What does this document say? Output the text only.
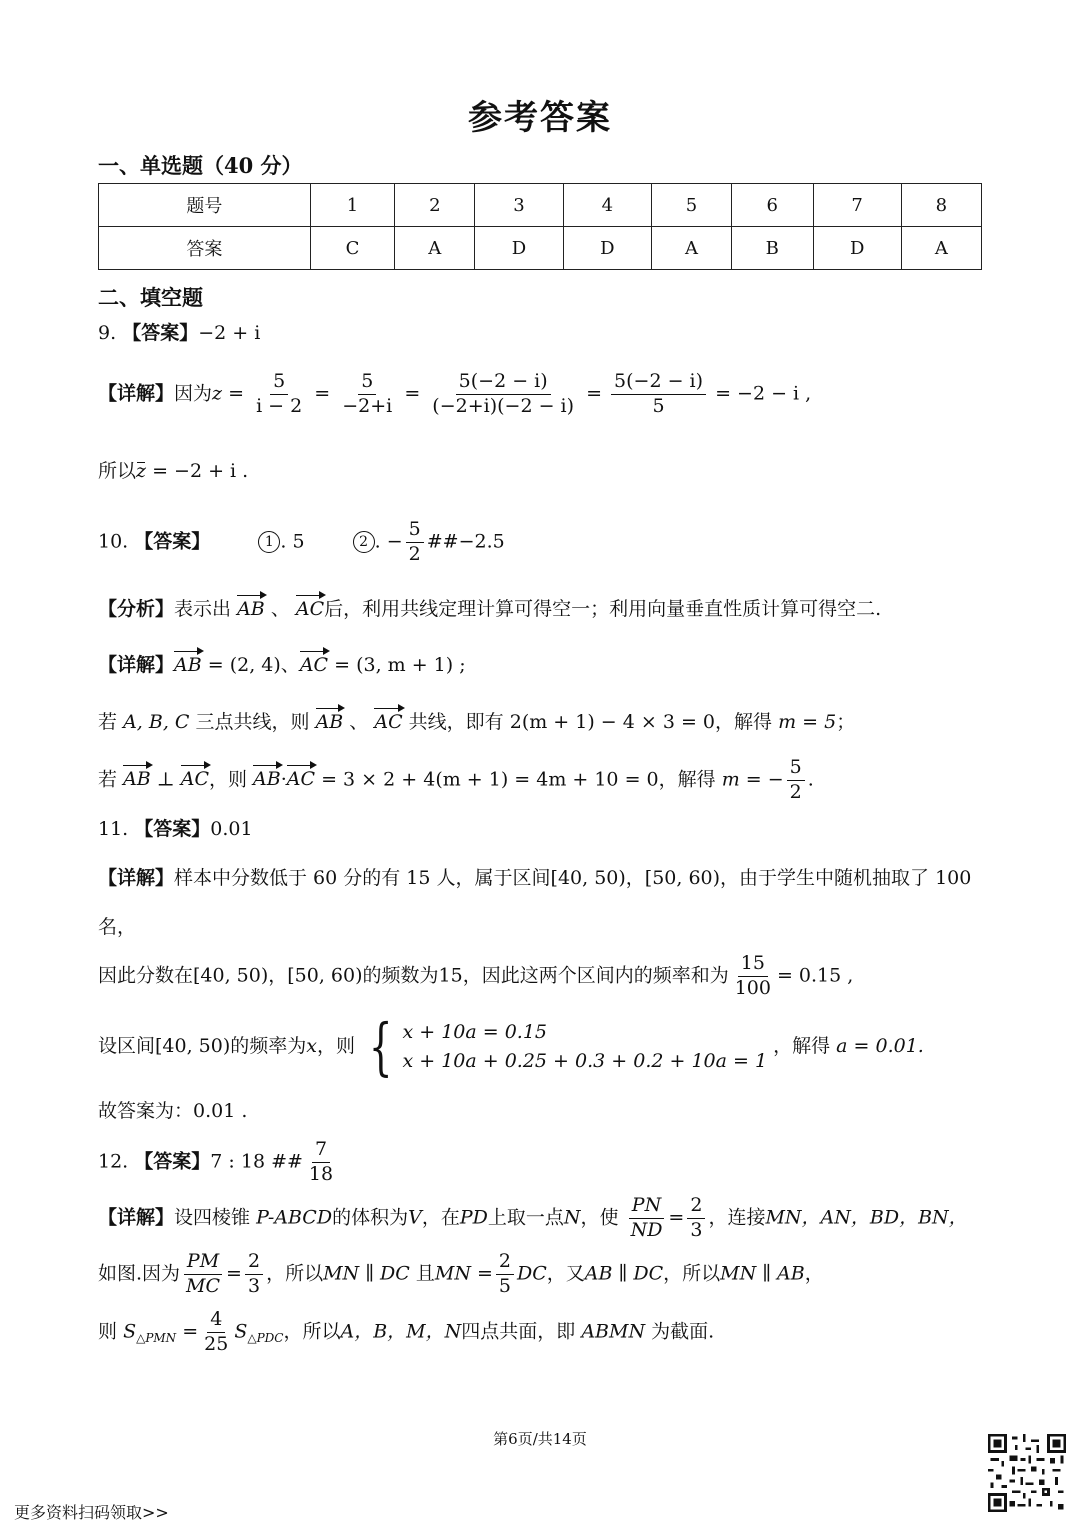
参考答案
一、单选题（40 分）
题号	1	2	3	4	5	6	7	8
答案	C	A	D	D	A	B	D	A
二、填空题
9. 【答案】−2 + i
【详解】因为$z = \frac{5}{i - 2} = \frac{5}{-2+i} = \frac{5(-2 - i)}{(-2+i)(-2 - i)} = \frac{5(-2 - i)}{5} = -2 - i$ ,
所以z = −2 + i .
10. 【答案】	1 . 5	2 . − $\frac{5}{2}$ ##−2.5
【分析】表示出 AB 、 AC后，利用共线定理计算可得空一；利用向量垂直性质计算可得空二.
【详解】AB = (2, 4)、AC = (3, m + 1) ;
若 A, B, C 三点共线，则 AB 、 AC 共线，即有 2(m + 1) − 4 × 3 = 0，解得 m = 5；
若 AB ⊥ AC，则 AB·AC = 3 × 2 + 4(m + 1) = 4m + 10 = 0，解得 m = − $\frac{5}{2}$ .
11. 【答案】0.01
【详解】样本中分数低于 60 分的有 15 人，属于区间[40, 50)，[50, 60)，由于学生中随机抽取了 100
名，
因此分数在[40, 50)，[50, 60)的频数为15，因此这两个区间内的频率和为 $\frac{15}{100} = 0.15$ ,
设区间[40, 50)的频率为x，则 { x + 10a = 0.15
x + 10a + 0.25 + 0.3 + 0.2 + 10a = 1
，解得 a = 0.01.
故答案为：0.01 .
12. 【答案】7 : 18 ## $\frac{7}{18}$
【详解】设四棱锥 P-ABCD的体积为V，在PD上取一点N，使 $\frac{PN}{ND} = \frac{2}{3}$ ，连接MN，AN，BD，BN，
如图.因为 $\frac{PM}{MC} = \frac{2}{3}$ ，所以MN ∥ DC 且MN = $\frac{2}{5}$ DC，又AB ∥ DC，所以MN ∥ AB，
则 $S_{\triangle PMN} = \frac{4}{25} S_{\triangle PDC}$，所以A，B，M，N四点共面，即 ABMN 为截面.
第6页/共14页
更多资料扫码领取>>
